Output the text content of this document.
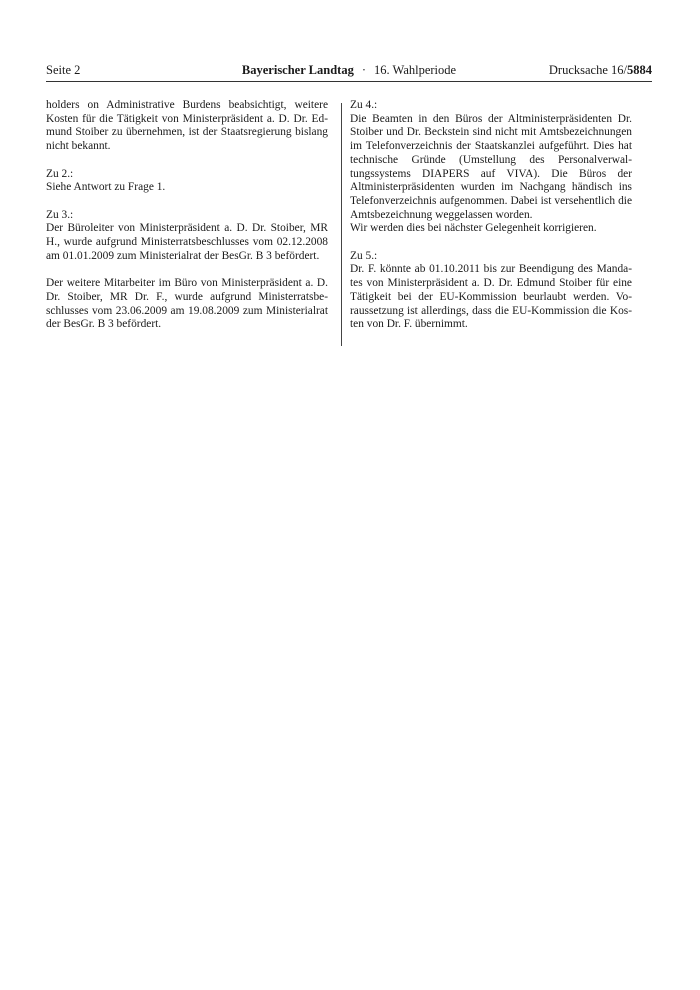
Seite 2	Bayerischer Landtag · 16. Wahlperiode	Drucksache 16/5884

holders on Administrative Burdens beabsichtigt, weitere Kosten für die Tätigkeit von Ministerpräsident a. D. Dr. Edmund Stoiber zu übernehmen, ist der Staatsregierung bislang nicht bekannt.

Zu 2.:
Siehe Antwort zu Frage 1.

Zu 3.:
Der Büroleiter von Ministerpräsident a. D. Dr. Stoiber, MR H., wurde aufgrund Ministerratsbeschlusses vom 02.12.2008 am 01.01.2009 zum Ministerialrat der BesGr. B 3 befördert.

Der weitere Mitarbeiter im Büro von Ministerpräsident a. D. Dr. Stoiber, MR Dr. F., wurde aufgrund Ministerratsbeschlusses vom 23.06.2009 am 19.08.2009 zum Ministerialrat der BesGr. B 3 befördert.

Zu 4.:
Die Beamten in den Büros der Altministerpräsidenten Dr. Stoiber und Dr. Beckstein sind nicht mit Amtsbezeichnungen im Telefonverzeichnis der Staatskanzlei aufgeführt. Dies hat technische Gründe (Umstellung des Personalverwaltungssystems DIAPERS auf VIVA). Die Büros der Altministerpräsidenten wurden im Nachgang händisch ins Telefonverzeichnis aufgenommen. Dabei ist versehentlich die Amtsbezeichnung weggelassen worden.
Wir werden dies bei nächster Gelegenheit korrigieren.

Zu 5.:
Dr. F. könnte ab 01.10.2011 bis zur Beendigung des Mandates von Ministerpräsident a. D. Dr. Edmund Stoiber für eine Tätigkeit bei der EU-Kommission beurlaubt werden. Voraussetzung ist allerdings, dass die EU-Kommission die Kosten von Dr. F. übernimmt.
